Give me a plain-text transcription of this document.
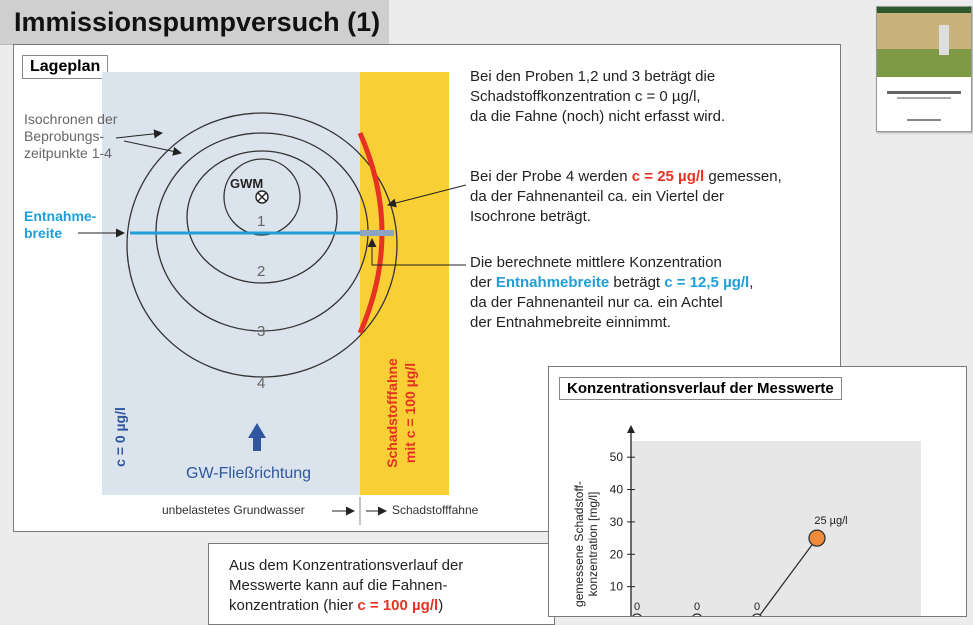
Immissionspumpversuch (1)
Lageplan
Isochronen der
Beprobungs-
zeitpunkte 1-4
GWM
1
2
3
4
Entnahme-
breite
c = 0 µg/l
GW-Fließrichtung
Schadstofffahne mit c = 100 µg/l
unbelastetes Grundwasser	Schadstofffahne
Bei den Proben 1,2 und 3 beträgt die
Schadstoffkonzentration c = 0 µg/l,
da die Fahne (noch) nicht erfasst wird.
Bei der Probe 4 werden c = 25 µg/l gemessen,
da der Fahnenanteil ca. ein Viertel der
Isochrone beträgt.
Die berechnete mittlere Konzentration
der Entnahmebreite beträgt c = 12,5 µg/l,
da der Fahnenanteil nur ca. ein Achtel
der Entnahmebreite einnimmt.
Aus dem Konzentrationsverlauf der
Messwerte kann auf die Fahnen-
konzentration (hier c = 100 µg/l)
Konzentrationsverlauf der Messwerte
gemessene Schadstoff- konzentration [mg/l] 10
20
30
40
50
0	0	0
25 µg/l
